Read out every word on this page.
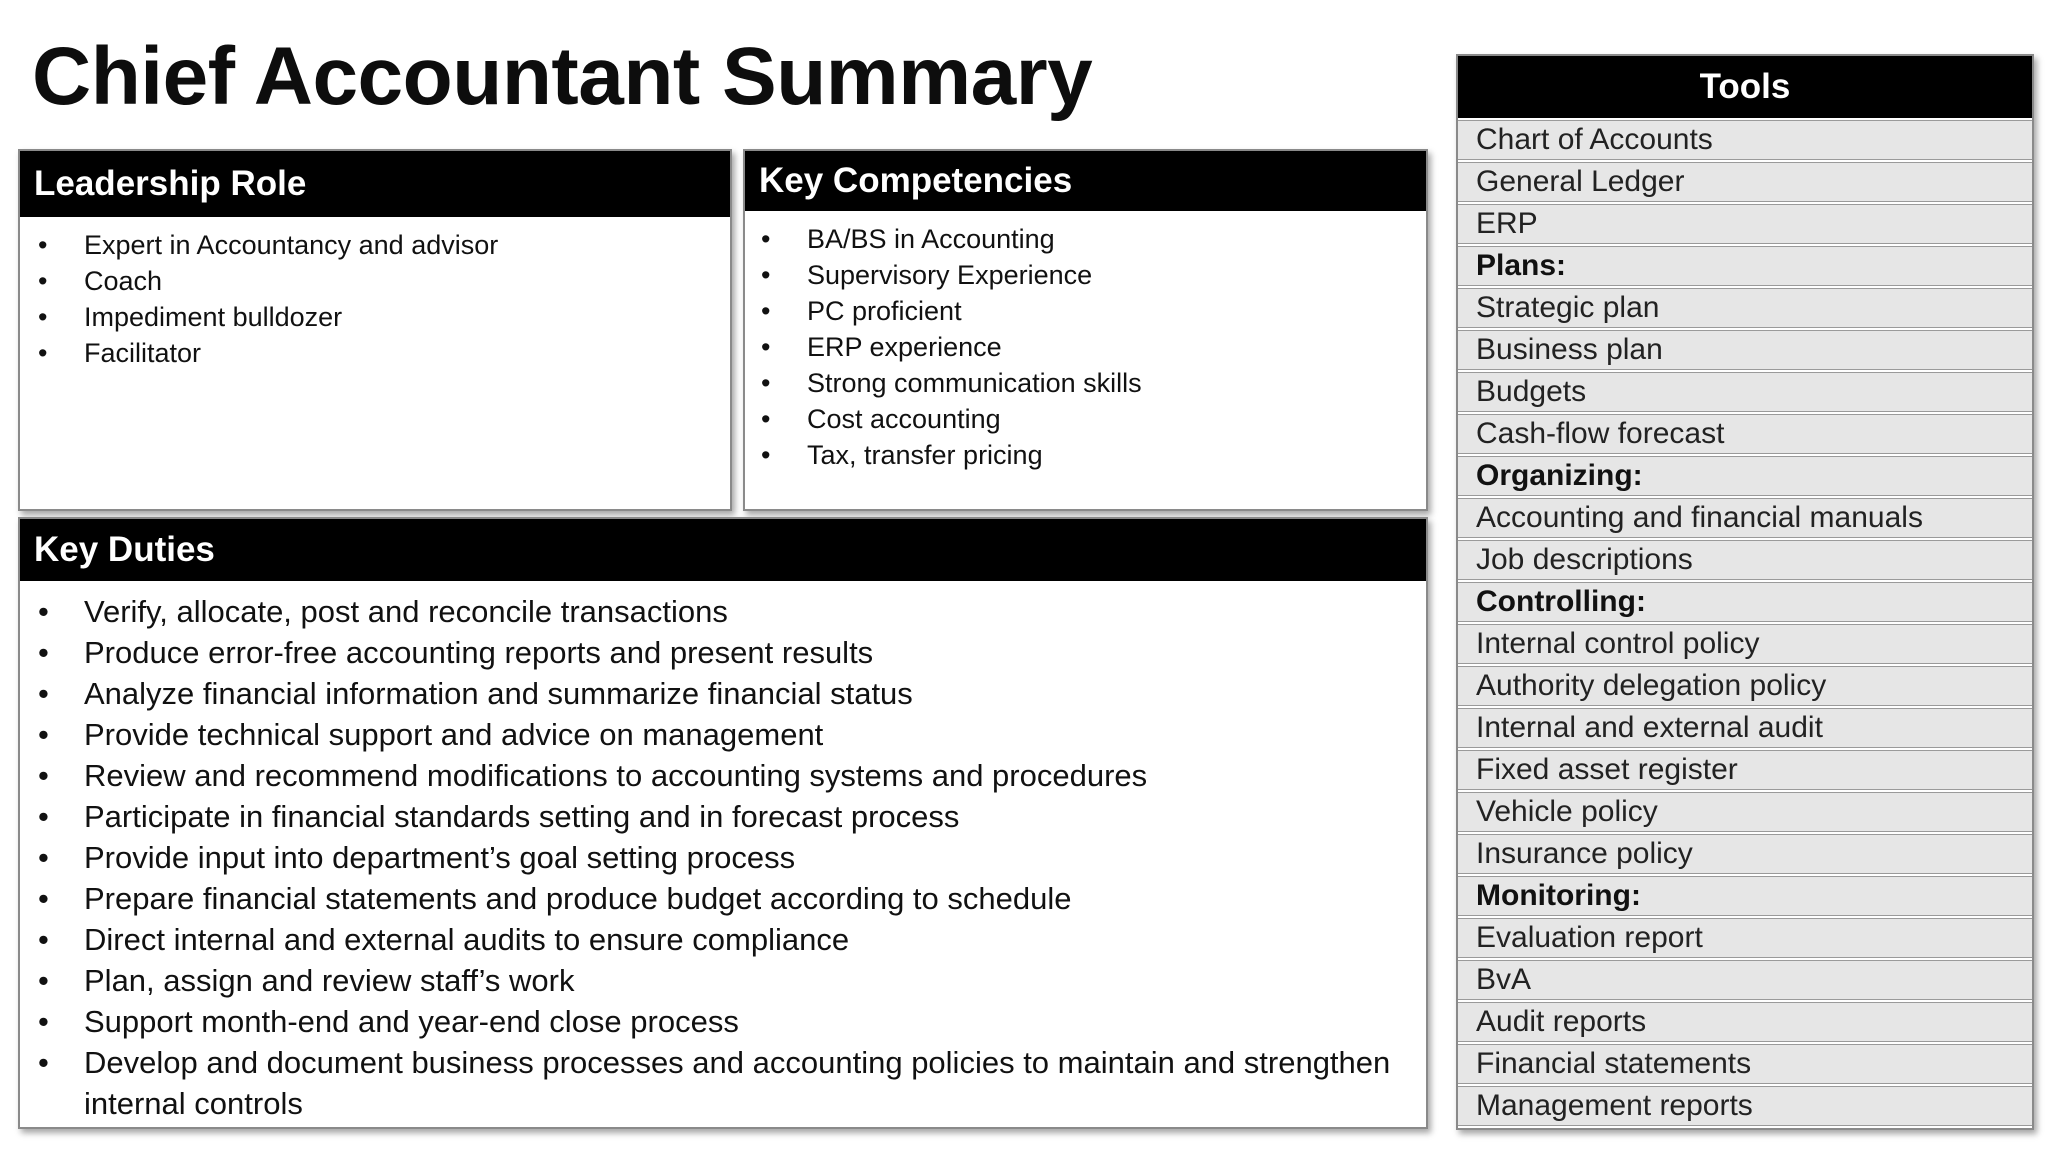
Chief Accountant Summary
Leadership Role
• Expert in Accountancy and advisor
• Coach
• Impediment bulldozer
• Facilitator
Key Competencies
• BA/BS in Accounting
• Supervisory Experience
• PC proficient
• ERP experience
• Strong communication skills
• Cost accounting
• Tax, transfer pricing
Key Duties
• Verify, allocate, post and reconcile transactions
• Produce error-free accounting reports and present results
• Analyze financial information and summarize financial status
• Provide technical support and advice on management
• Review and recommend modifications to accounting systems and procedures
• Participate in financial standards setting and in forecast process
• Provide input into department’s goal setting process
• Prepare financial statements and produce budget according to schedule
• Direct internal and external audits to ensure compliance
• Plan, assign and review staff’s work
• Support month-end and year-end close process
• Develop and document business processes and accounting policies to maintain and strengthen internal controls
Tools
Chart of Accounts
General Ledger
ERP
Plans:
Strategic plan
Business plan
Budgets
Cash-flow forecast
Organizing:
Accounting and financial manuals
Job descriptions
Controlling:
Internal control policy
Authority delegation policy
Internal and external audit
Fixed asset register
Vehicle policy
Insurance policy
Monitoring:
Evaluation report
BvA
Audit reports
Financial statements
Management reports
